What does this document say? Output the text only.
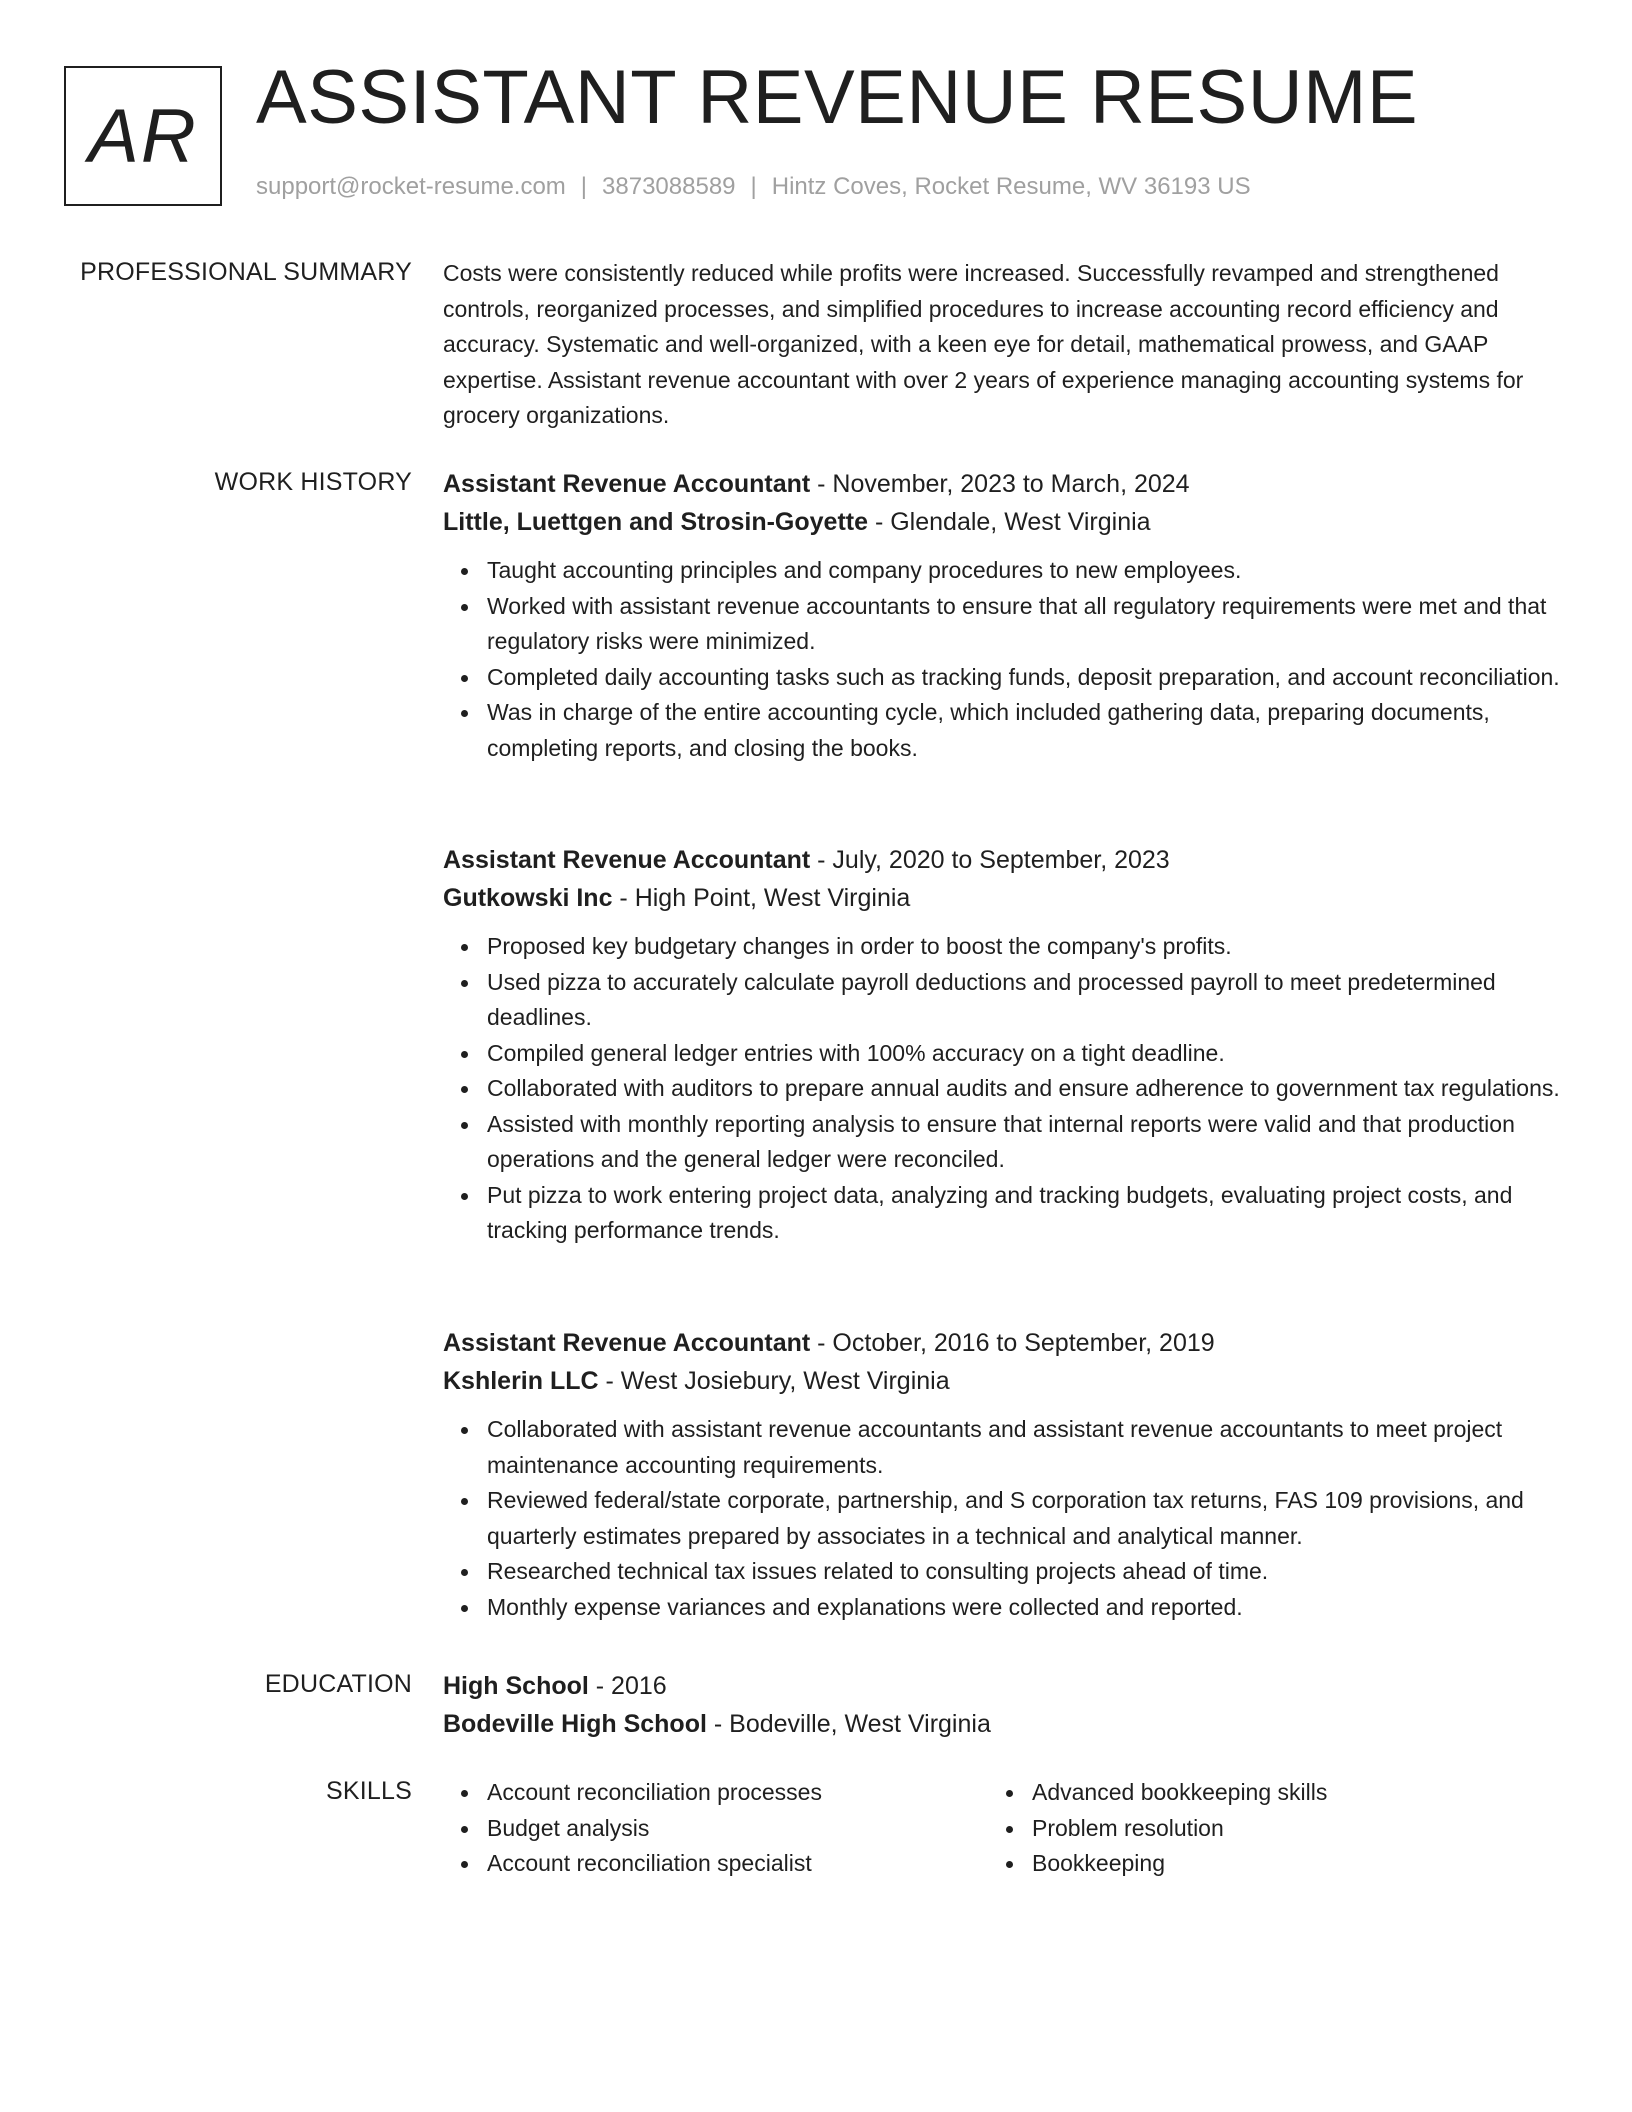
AR ASSISTANT REVENUE RESUME
support@rocket-resume.com | 3873088589 | Hintz Coves, Rocket Resume, WV 36193 US
PROFESSIONAL SUMMARY Costs were consistently reduced while profits were increased. Successfully revamped and strengthened controls, reorganized processes, and simplified procedures to increase accounting record efficiency and accuracy. Systematic and well-organized, with a keen eye for detail, mathematical prowess, and GAAP expertise. Assistant revenue accountant with over 2 years of experience managing accounting systems for grocery organizations.

WORK HISTORY Assistant Revenue Accountant - November, 2023 to March, 2024
Little, Luettgen and Strosin-Goyette - Glendale, West Virginia
Taught accounting principles and company procedures to new employees.
Worked with assistant revenue accountants to ensure that all regulatory requirements were met and that regulatory risks were minimized.
Completed daily accounting tasks such as tracking funds, deposit preparation, and account reconciliation.
Was in charge of the entire accounting cycle, which included gathering data, preparing documents, completing reports, and closing the books.
Assistant Revenue Accountant - July, 2020 to September, 2023
Gutkowski Inc - High Point, West Virginia
Proposed key budgetary changes in order to boost the company's profits.
Used pizza to accurately calculate payroll deductions and processed payroll to meet predetermined deadlines.
Compiled general ledger entries with 100% accuracy on a tight deadline.
Collaborated with auditors to prepare annual audits and ensure adherence to government tax regulations.
Assisted with monthly reporting analysis to ensure that internal reports were valid and that production operations and the general ledger were reconciled.
Put pizza to work entering project data, analyzing and tracking budgets, evaluating project costs, and tracking performance trends.
Assistant Revenue Accountant - October, 2016 to September, 2019
Kshlerin LLC - West Josiebury, West Virginia
Collaborated with assistant revenue accountants and assistant revenue accountants to meet project maintenance accounting requirements.
Reviewed federal/state corporate, partnership, and S corporation tax returns, FAS 109 provisions, and quarterly estimates prepared by associates in a technical and analytical manner.
Researched technical tax issues related to consulting projects ahead of time.
Monthly expense variances and explanations were collected and reported.
EDUCATION High School - 2016
Bodeville High School - Bodeville, West Virginia
SKILLS	Account reconciliation processes
Budget analysis
Account reconciliation specialist
Advanced bookkeeping skills
Problem resolution
Bookkeeping
